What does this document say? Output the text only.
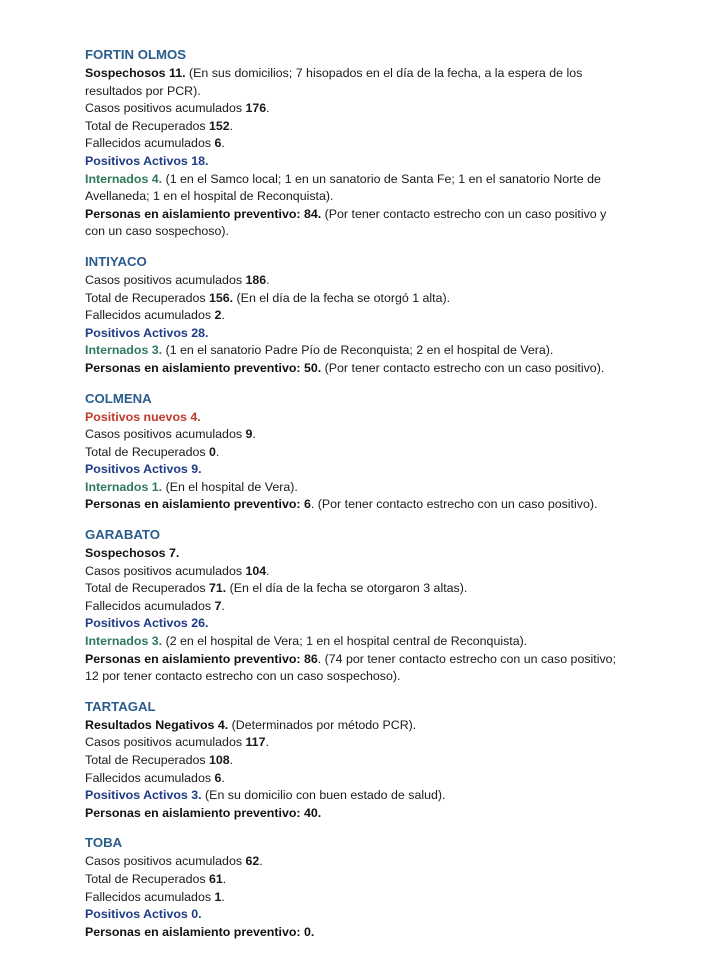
FORTIN OLMOS
Sospechosos 11. (En sus domicilios; 7 hisopados en el día de la fecha, a la espera de los
resultados por PCR).
Casos positivos acumulados 176.
Total de Recuperados 152.
Fallecidos acumulados 6.
Positivos Activos 18.
Internados 4. (1 en el Samco local; 1 en un sanatorio de Santa Fe; 1 en el sanatorio Norte de
Avellaneda; 1 en el hospital de Reconquista).
Personas en aislamiento preventivo: 84. (Por tener contacto estrecho con un caso positivo y
con un caso sospechoso).
INTIYACO
Casos positivos acumulados 186.
Total de Recuperados 156. (En el día de la fecha se otorgó 1 alta).
Fallecidos acumulados 2.
Positivos Activos 28.
Internados 3. (1 en el sanatorio Padre Pío de Reconquista; 2 en el hospital de Vera).
Personas en aislamiento preventivo: 50. (Por tener contacto estrecho con un caso positivo).
COLMENA
Positivos nuevos 4.
Casos positivos acumulados 9.
Total de Recuperados 0.
Positivos Activos 9.
Internados 1. (En el hospital de Vera).
Personas en aislamiento preventivo: 6. (Por tener contacto estrecho con un caso positivo).
GARABATO
Sospechosos 7.
Casos positivos acumulados 104.
Total de Recuperados 71. (En el día de la fecha se otorgaron 3 altas).
Fallecidos acumulados 7.
Positivos Activos 26.
Internados 3. (2 en el hospital de Vera; 1 en el hospital central de Reconquista).
Personas en aislamiento preventivo: 86. (74 por tener contacto estrecho con un caso positivo;
12 por tener contacto estrecho con un caso sospechoso).
TARTAGAL
Resultados Negativos 4. (Determinados por método PCR).
Casos positivos acumulados 117.
Total de Recuperados 108.
Fallecidos acumulados 6.
Positivos Activos 3. (En su domicilio con buen estado de salud).
Personas en aislamiento preventivo: 40.
TOBA
Casos positivos acumulados 62.
Total de Recuperados 61.
Fallecidos acumulados 1.
Positivos Activos 0.
Personas en aislamiento preventivo: 0.
